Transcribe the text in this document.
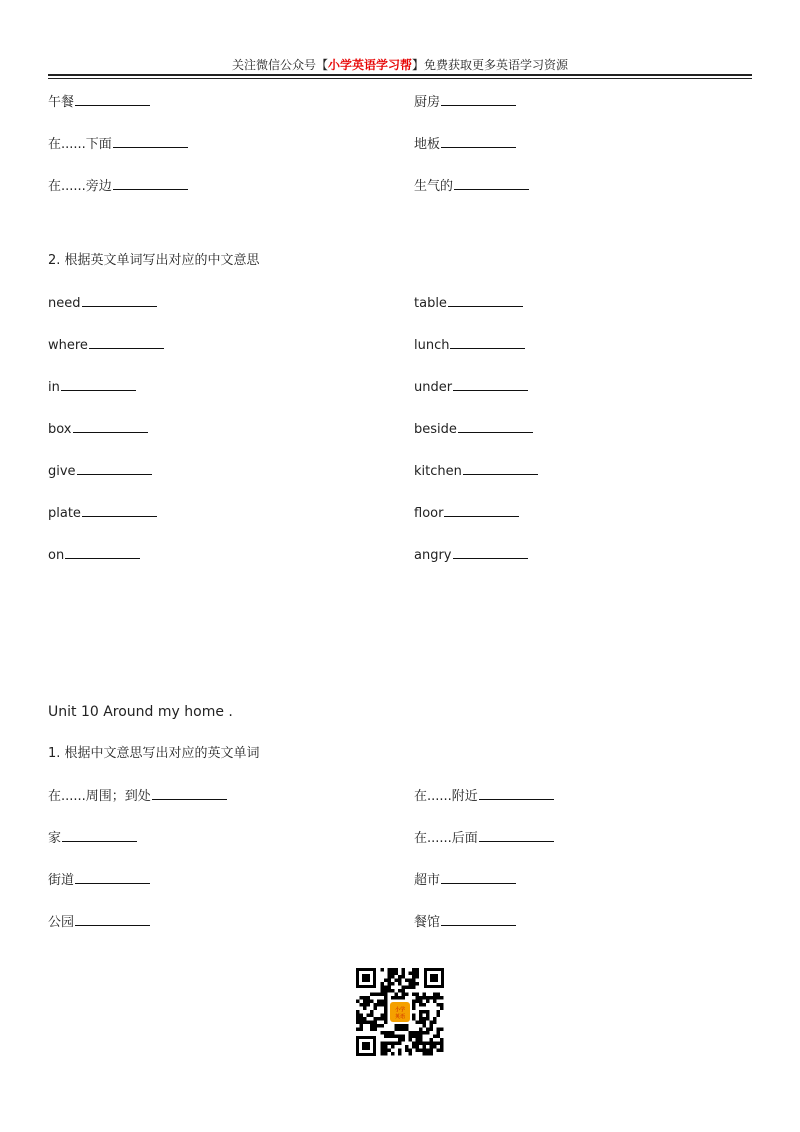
关注微信公众号【小学英语学习帮】免费获取更多英语学习资源
午餐
在......下面
在......旁边
厨房
地板
生气的
2. 根据英文单词写出对应的中文意思
need
where
in
box
give
plate
on
table
lunch
under
beside
kitchen
floor
angry
Unit 10 Around my home .
1. 根据中文意思写出对应的英文单词
在......周围；到处
家
街道
公园
在......附近
在......后面
超市
餐馆
小学
英语
